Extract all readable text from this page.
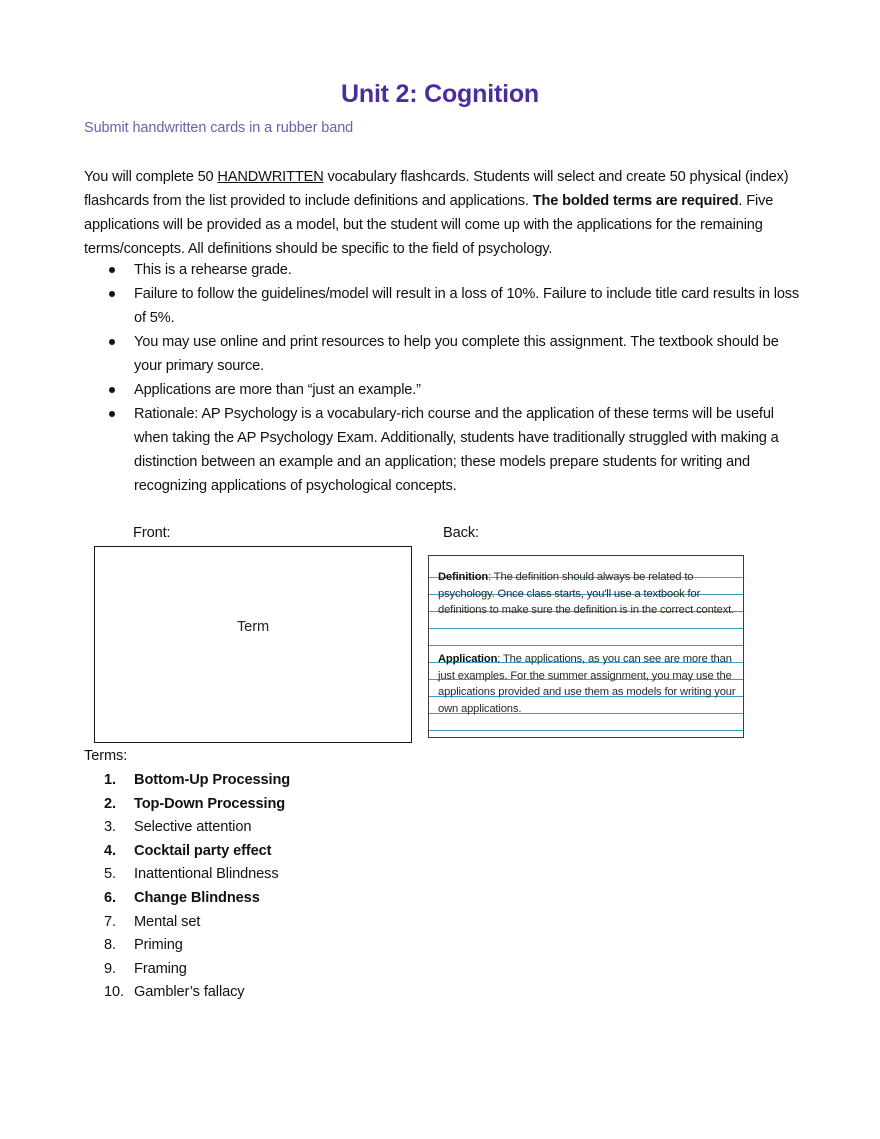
Unit 2: Cognition
Submit handwritten cards in a rubber band
You will complete 50 HANDWRITTEN vocabulary flashcards. Students will select and create 50 physical (index) flashcards from the list provided to include definitions and applications. The bolded terms are required. Five applications will be provided as a model, but the student will come up with the applications for the remaining terms/concepts. All definitions should be specific to the field of psychology.
This is a rehearse grade.
Failure to follow the guidelines/model will result in a loss of 10%. Failure to include title card results in loss of 5%.
You may use online and print resources to help you complete this assignment. The textbook should be your primary source.
Applications are more than “just an example.”
Rationale: AP Psychology is a vocabulary-rich course and the application of these terms will be useful when taking the AP Psychology Exam. Additionally, students have traditionally struggled with making a distinction between an example and an application; these models prepare students for writing and recognizing applications of psychological concepts.
Front:	Back:
Term
Definition: The definition should always be related to psychology. Once class starts, you'll use a textbook for definitions to make sure the definition is in the correct context.
Application: The applications, as you can see are more than just examples. For the summer assignment, you may use the applications provided and use them as models for writing your own applications.
Terms:
1. Bottom-Up Processing
2. Top-Down Processing
3. Selective attention
4. Cocktail party effect
5. Inattentional Blindness
6. Change Blindness
7. Mental set
8. Priming
9. Framing
10. Gambler’s fallacy
